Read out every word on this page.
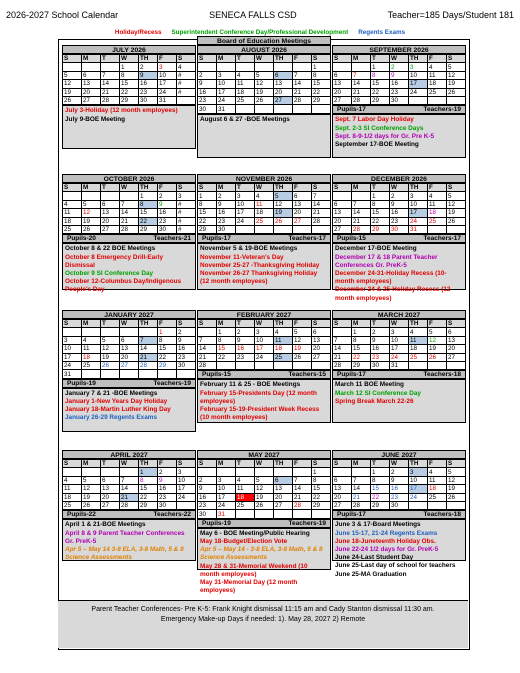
2026-2027 School Calendar	SENECA FALLS CSD	Teacher=185 Days/Student 181
Holiday/Recess Superintendent Conference Day/Professional Development Regents Exams
JULY 2026
S	M	T	W	TH	F	S
			1	2	3	4
5	6	7	8	9	10	#
12	13	14	15	16	17	#
19	20	21	22	23	24	#
26	27	28	29	30	31	
July 3-Holiday (12 month employees)
July 9-BOE Meeting
AUGUST 2026
S	M	T	W	TH	F	S
						1
2	3	4	5	6	7	8
9	10	11	12	13	14	15
16	17	18	19	20	21	22
23	24	25	26	27	28	29
30	31					
August 6 & 27 -BOE Meetings
Board of Education Meetings
SEPTEMBER 2026
S	M	T	W	TH	F	S
		1	2	3	4	5
6	7	8	9	10	11	12
13	14	15	16	17	18	19
20	21	22	23	24	25	26
27	28	29	30			
Pupils-17	Teachers-19
Sept. 7 Labor Day Holiday
Sept. 2-3 SI Conference Days
Sept. 8-9-1/2 days for Gr. Pre K-5
September 17-BOE Meeting
OCTOBER 2026
S	M	T	W	TH	F	S
				1	2	3
4	5	6	7	8	9	#
11	12	13	14	15	16	#
18	19	20	21	22	23	#
25	26	27	28	29	30	#
Pupils-20	Teachers-21
October 8 & 22 BOE Meetings
October 8 Emergency Drill-Early Dismissal
October 9 SI Conference Day
October 12-Columbus Day/Indigenous People's Day
NOVEMBER 2026
S	M	T	W	TH	F	S
1	2	3	4	5	6	7
8	9	10	11	12	13	14
15	16	17	18	19	20	21
22	23	24	25	26	27	28
29	30					
Pupils-17	Teachers-17
November 5 & 19-BOE Meetings
November 11-Veteran's Day
November 25-27 -Thanksgiving Holiday
November 26-27 Thanksgiving Holiday (12 month employees)
DECEMBER 2026
S	M	T	W	TH	F	S
		1	2	3	4	5
6	7	8	9	10	11	12
13	14	15	16	17	18	19
20	21	22	23	24	25	26
27	28	29	30	31		
Pupils-15	Teachers-17
December 17-BOE Meeting
December 17 & 18 Parent Teacher Conferences Gr. PreK-5
December 24-31-Holiday Recess (10-month employees)
December 24 & 25-Holiday Recess (12 month employees)
JANUARY 2027
S	M	T	W	TH	F	S
					1	2
3	4	5	6	7	8	9
10	11	12	13	14	15	16
17	18	19	20	21	22	23
24	25	26	27	28	29	30
31						
Pupils-19	Teachers-19
January 7 & 21 -BOE Meetings
January 1-New Years Day Holiday
January 18-Martin Luther King Day
January 26-29 Regents Exams
FEBRUARY 2027
S	M	T	W	TH	F	S
	1	2	3	4	5	6
7	8	9	10	11	12	13
14	15	16	17	18	19	20
21	22	23	24	25	26	27
28						
Pupils-15	Teachers-15
February 11 & 25 - BOE Meetings
February 15-Presidents Day (12 month employees)
February 15-19-President Week Recess (10 month employees)
MARCH 2027
S	M	T	W	TH	F	S
	1	2	3	4	5	6
7	8	9	10	11	12	13
14	15	16	17	18	19	20
21	22	23	24	25	26	27
28	29	30	31			
Pupils-17	Teachers-18
March 11 BOE Meeting
March 12 SI Conference Day
Spring Break March 22-26
APRIL 2027
S	M	T	W	TH	F	S
				1	2	3
4	5	6	7	8	9	10
11	12	13	14	15	16	17
18	19	20	21	22	23	24
25	26	27	28	29	30	
Pupils-22	Teachers-22
April 1 & 21-BOE Meetings
April 8 & 9 Parent Teacher Conferences Gr. PreK-5
Apr 5 – May 14 3-8 ELA, 3-8 Math, 5 & 8 Science Assessments
MAY 2027
S	M	T	W	TH	F	S
						1
2	3	4	5	6	7	8
9	10	11	12	13	14	15
16	17	18	19	20	21	22
23	24	25	26	27	28	29
30	31					
Pupils-19	Teachers-19
May 6 - BOE Meeting/Public Hearing
May 18-Budget/Election Vote
Apr 5 – May 14 - 3-8 ELA, 3-8 Math, 5 & 8 Science Assessments
May 28 & 31-Memorial Weekend (10 month employees)
May 31-Memorial Day (12 month employees)
JUNE 2027
S	M	T	W	TH	F	S
		1	2	3	4	5
6	7	8	9	10	11	12
13	14	15	16	17	18	19
20	21	22	23	24	25	26
27	28	29	30			
Pupils-17	Teachers-18
June 3 & 17-Board Meetings
June 15-17, 21-24 Regents Exams
June 18-Juneteenth Holiday Obs.
June 22-24 1/2 days for Gr. PreK-5
June 24-Last Student Day
June 25-Last day of school for teachers
June 25-MA Graduation
Parent Teacher Conferences- Pre K-5: Frank Knight dismissal 11:15 am and Cady Stanton dismissal 11:30 am.
Emergency Make-up Days if needed: 1). May 28, 2027 2) Remote
